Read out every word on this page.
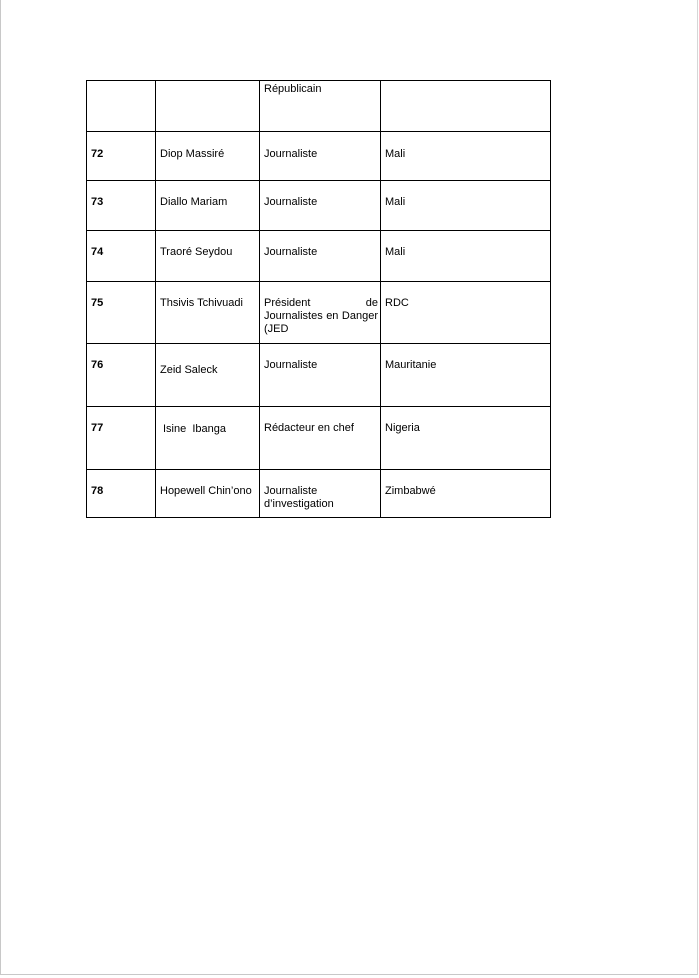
		Républicain	
72	Diop Massiré	Journaliste	Mali
73	Diallo Mariam	Journaliste	Mali
74	Traoré Seydou	Journaliste	Mali
75	Thsivis Tchivuadi	Président de Journalistes en Danger (JED	RDC
76	Zeid Saleck	Journaliste	Mauritanie
77	Isine  Ibanga	Rédacteur en chef	Nigeria
78	Hopewell Chin’ono	Journaliste d’investigation	Zimbabwé
